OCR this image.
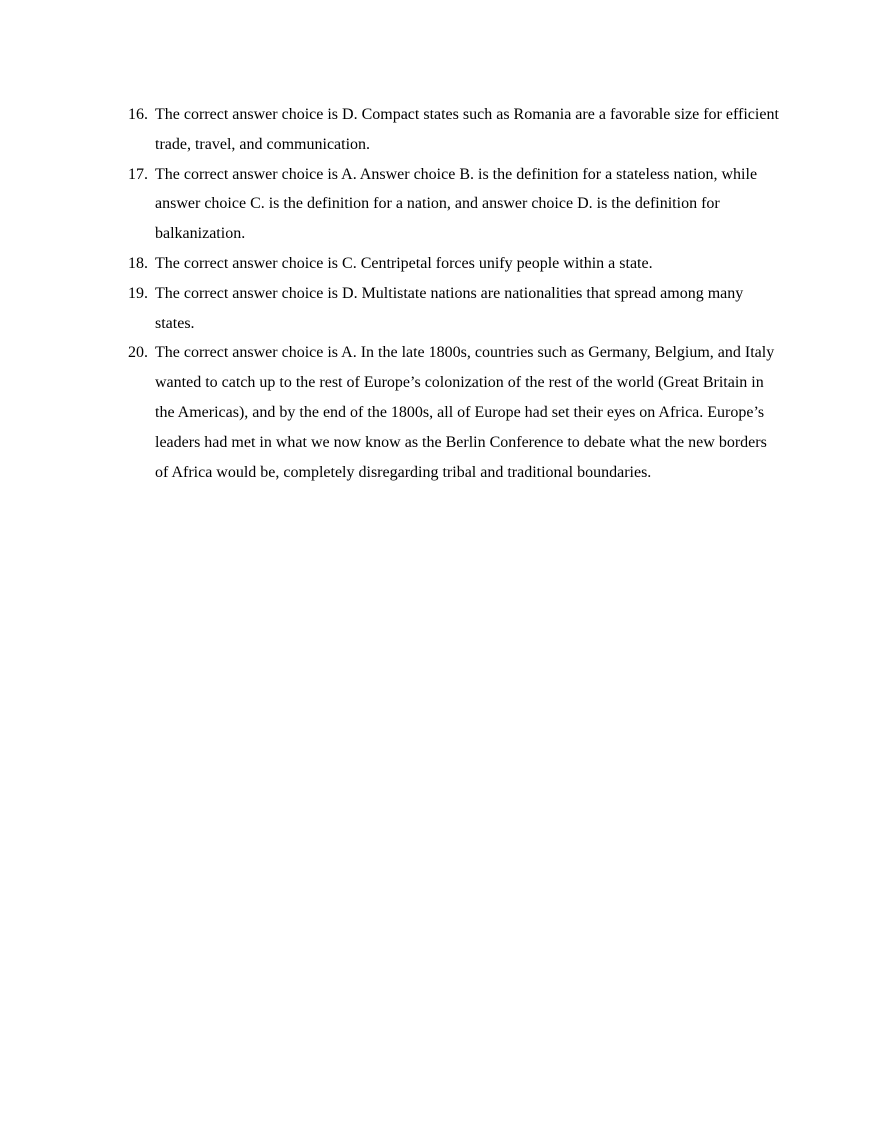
16. The correct answer choice is D. Compact states such as Romania are a favorable size for efficient trade, travel, and communication.
17. The correct answer choice is A. Answer choice B. is the definition for a stateless nation, while answer choice C. is the definition for a nation, and answer choice D. is the definition for balkanization.
18. The correct answer choice is C. Centripetal forces unify people within a state.
19. The correct answer choice is D. Multistate nations are nationalities that spread among many states.
20. The correct answer choice is A. In the late 1800s, countries such as Germany, Belgium, and Italy wanted to catch up to the rest of Europe’s colonization of the rest of the world (Great Britain in the Americas), and by the end of the 1800s, all of Europe had set their eyes on Africa. Europe’s leaders had met in what we now know as the Berlin Conference to debate what the new borders of Africa would be, completely disregarding tribal and traditional boundaries.
